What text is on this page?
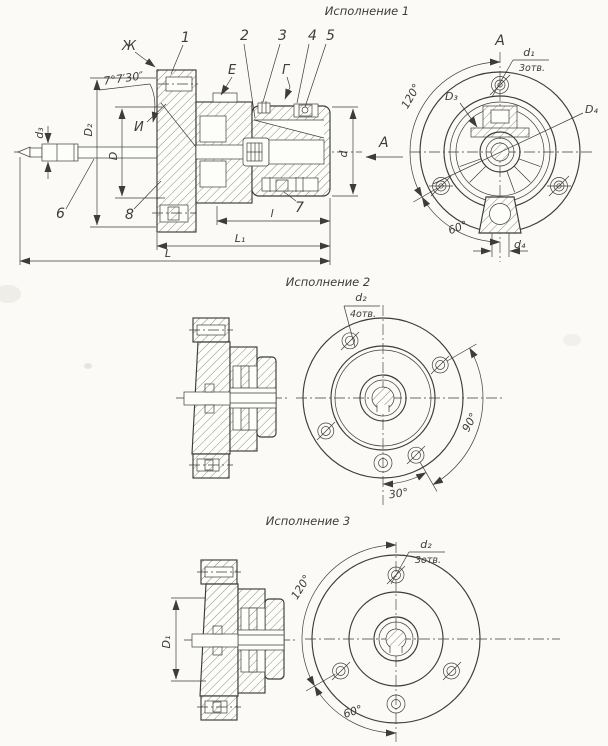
Исполнение 1
Ж
1	2 3 4 5
Е	Г
И
6	8	7
7°7′30″
d₃	D₂
D	d
А
l
L₁
L
А
120°
60°
D₃
D₄
d₁
3отв.
d₄
Исполнение 2
d₂
4отв.
90°
30°
Исполнение 3
D₁
d₂
3отв.
120°
60°
